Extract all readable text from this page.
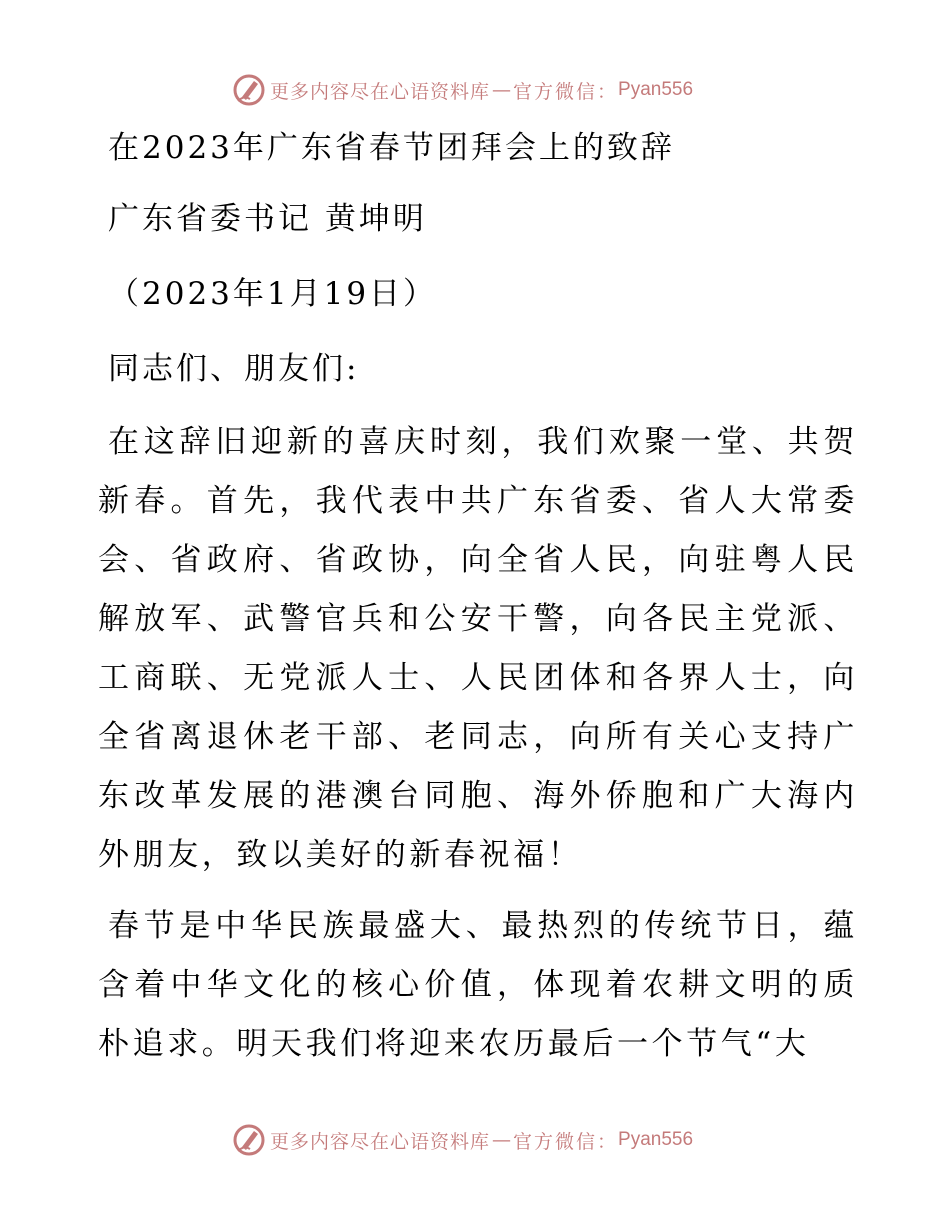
更多内容尽在心语资料库 — 官方微信： Pyan556
在2023年广东省春节团拜会上的致辞
广东省委书记 黄坤明
（2023年1月19日）
同志们、朋友们:
在这辞旧迎新的喜庆时刻，我们欢聚一堂、共贺新春。首先，我代表中共广东省委、省人大常委会、省政府、省政协，向全省人民，向驻粤人民解放军、武警官兵和公安干警，向各民主党派、工商联、无党派人士、人民团体和各界人士，向全省离退休老干部、老同志，向所有关心支持广东改革发展的港澳台同胞、海外侨胞和广大海内外朋友，致以美好的新春祝福！
春节是中华民族最盛大、最热烈的传统节日，蕴含着中华文化的核心价值，体现着农耕文明的质朴追求。明天我们将迎来农历最后一个节气“大
更多内容尽在心语资料库 — 官方微信： Pyan556
